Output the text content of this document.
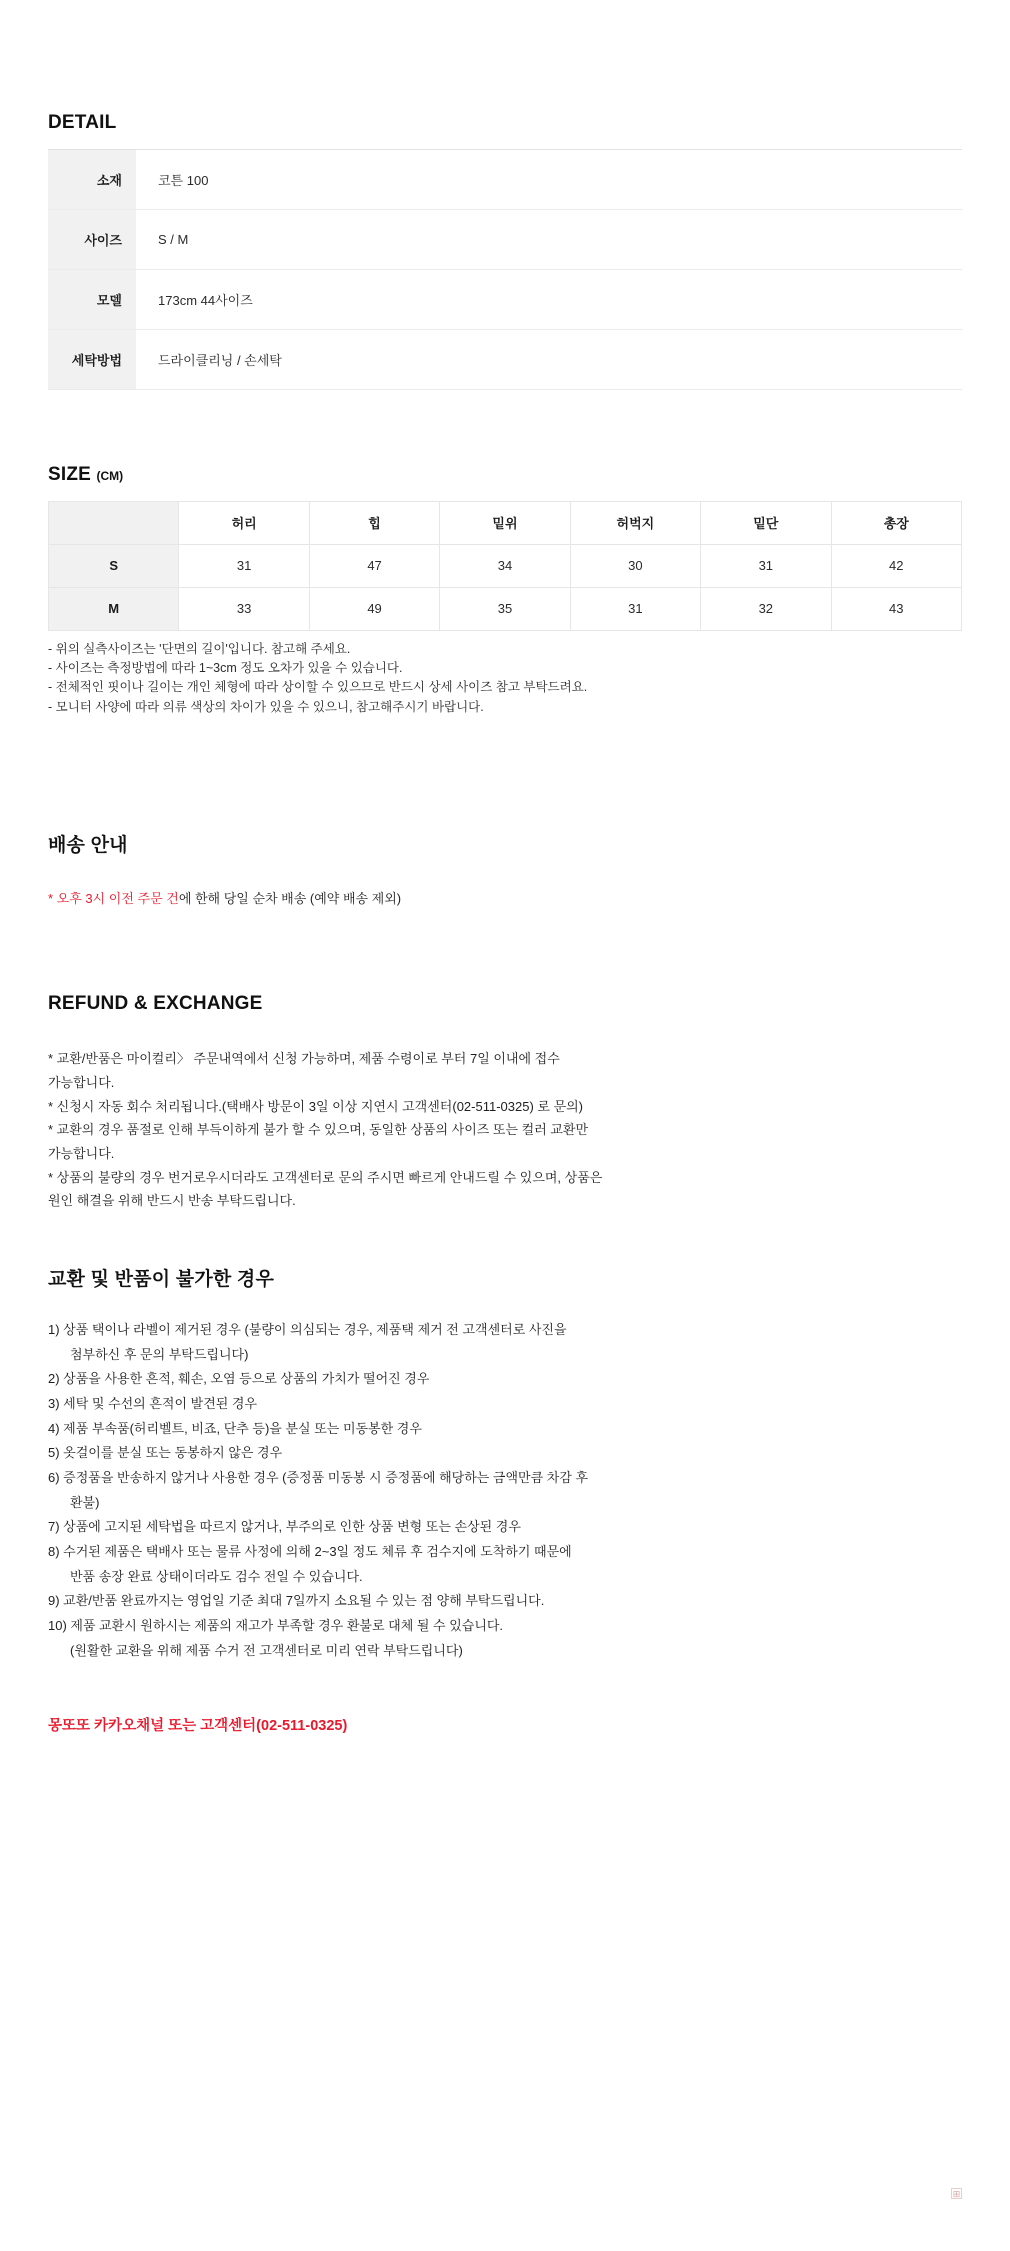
DETAIL
소재	코튼 100
사이즈	S / M
모델	173cm 44사이즈
세탁방법	드라이클리닝 / 손세탁
SIZE (CM)
	허리	힙	밑위	허벅지	밑단	총장
S	31	47	34	30	31	42
M	33	49	35	31	32	43
- 위의 실측사이즈는 '단면의 길이'입니다. 참고해 주세요.
- 사이즈는 측정방법에 따라 1~3cm 정도 오차가 있을 수 있습니다.
- 전체적인 핏이나 길이는 개인 체형에 따라 상이할 수 있으므로 반드시 상세 사이즈 참고 부탁드려요.
- 모니터 사양에 따라 의류 색상의 차이가 있을 수 있으니, 참고해주시기 바랍니다.
배송 안내

* 오후 3시 이전 주문 건에 한해 당일 순차 배송 (예약 배송 제외)

REFUND & EXCHANGE

* 교환/반품은 마이컬리〉 주문내역에서 신청 가능하며, 제품 수령이로 부터 7일 이내에 접수

가능합니다.

* 신청시 자동 회수 처리됩니다.(택배사 방문이 3일 이상 지연시 고객센터(02-511-0325) 로 문의)

* 교환의 경우 품절로 인해 부득이하게 불가 할 수 있으며, 동일한 상품의 사이즈 또는 컬러 교환만

가능합니다.

* 상품의 불량의 경우 번거로우시더라도 고객센터로 문의 주시면 빠르게 안내드릴 수 있으며, 상품은

원인 해결을 위해 반드시 반송 부탁드립니다.

교환 및 반품이 불가한 경우
1) 상품 택이나 라벨이 제거된 경우 (불량이 의심되는 경우, 제품택 제거 전 고객센터로 사진을
첨부하신 후 문의 부탁드립니다)
2) 상품을 사용한 흔적, 훼손, 오염 등으로 상품의 가치가 떨어진 경우
3) 세탁 및 수선의 흔적이 발견된 경우
4) 제품 부속품(허리벨트, 비죠, 단추 등)을 분실 또는 미동봉한 경우
5) 옷걸이를 분실 또는 동봉하지 않은 경우
6) 증정품을 반송하지 않거나 사용한 경우 (증정품 미동봉 시 증정품에 해당하는 금액만큼 차감 후
환불)
7) 상품에 고지된 세탁법을 따르지 않거나, 부주의로 인한 상품 변형 또는 손상된 경우
8) 수거된 제품은 택배사 또는 물류 사정에 의해 2~3일 정도 체류 후 검수지에 도착하기 때문에
반품 송장 완료 상태이더라도 검수 전일 수 있습니다.
9) 교환/반품 완료까지는 영업일 기준 최대 7일까지 소요될 수 있는 점 양해 부탁드립니다.
10) 제품 교환시 원하시는 제품의 재고가 부족할 경우 환불로 대체 될 수 있습니다.
(원활한 교환을 위해 제품 수거 전 고객센터로 미리 연락 부탁드립니다)

몽또또 카카오채널 또는 고객센터(02-511-0325)

⊞
